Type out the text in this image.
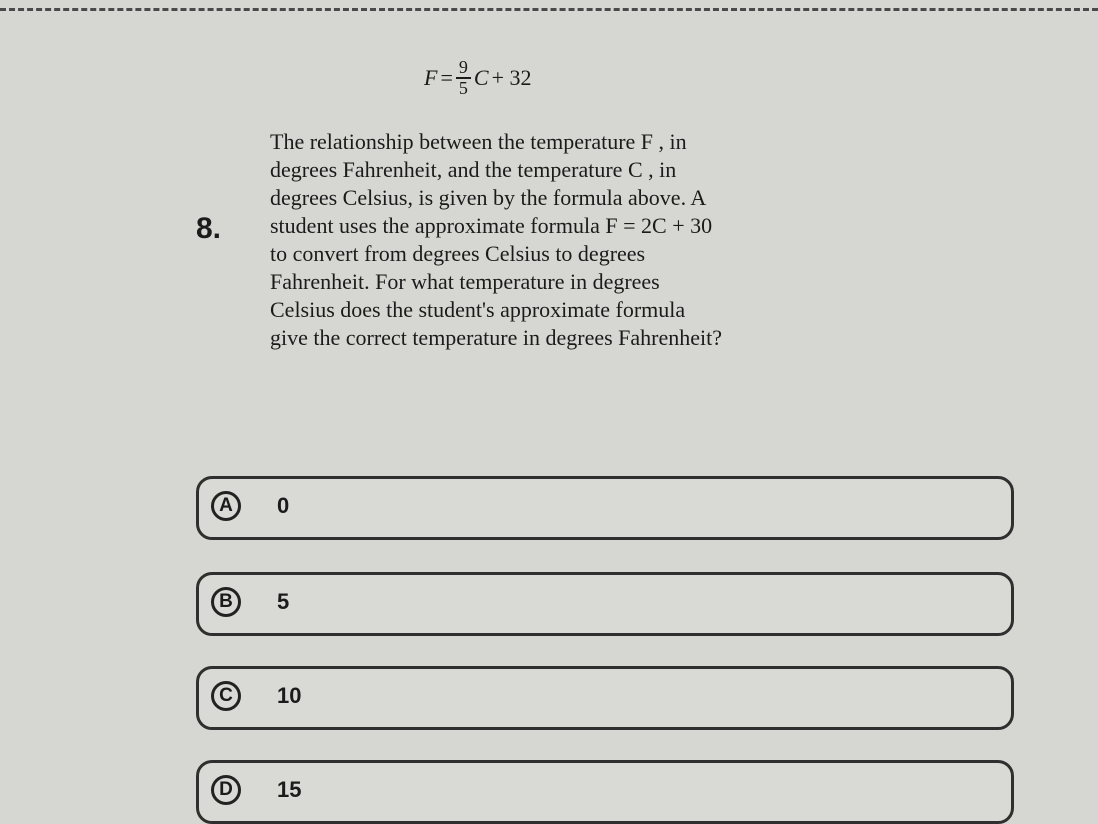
$F = \frac{9}{5}$ C + 32
8.
The relationship between the temperature F , in
degrees Fahrenheit, and the temperature C , in
degrees Celsius, is given by the formula above. A
student uses the approximate formula F = 2C + 30
to convert from degrees Celsius to degrees
Fahrenheit. For what temperature in degrees
Celsius does the student's approximate formula
give the correct temperature in degrees Fahrenheit?
A	0
B	5
C	10
D	15
